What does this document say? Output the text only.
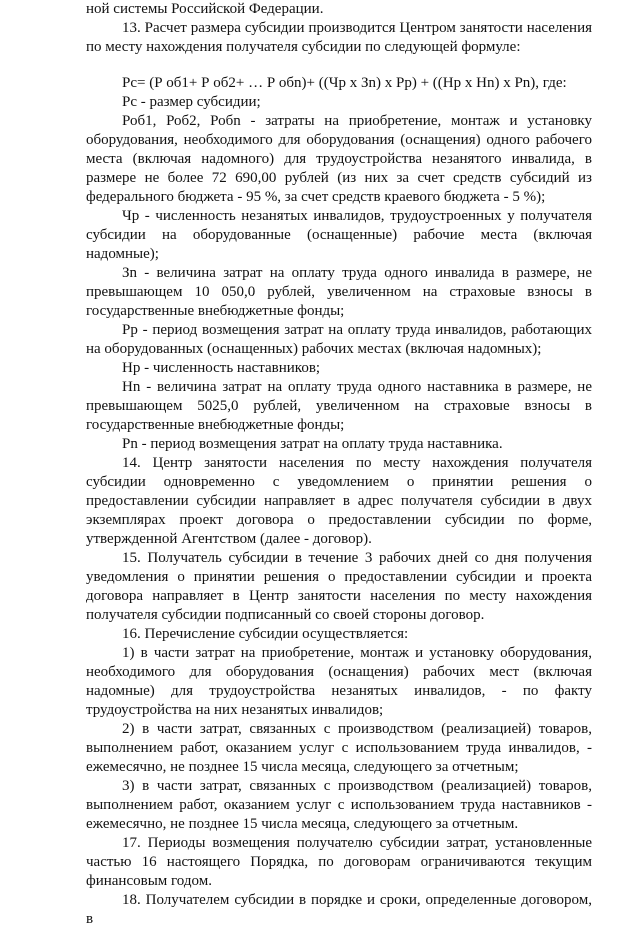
ной системы Российской Федерации.

13. Расчет размера субсидии производится Центром занятости населения по месту нахождения получателя субсидии по следующей формуле:

Рс= (Р об1+ Р об2+ … Р обn)+ ((Чр х Зn) х Рр) + ((Нр х Нn) х Рn), где:

Рс - размер субсидии;

Роб1, Роб2, Робn - затраты на приобретение, монтаж и установку оборудования, необходимого для оборудования (оснащения) одного рабочего места (включая надомного) для трудоустройства незанятого инвалида, в размере не более 72 690,00 рублей (из них за счет средств субсидий из федерального бюджета - 95 %, за счет средств краевого бюджета - 5 %);

Чр - численность незанятых инвалидов, трудоустроенных у получателя субсидии на оборудованные (оснащенные) рабочие места (включая надомные);

Зn - величина затрат на оплату труда одного инвалида в размере, не превышающем 10 050,0 рублей, увеличенном на страховые взносы в государственные внебюджетные фонды;

Рр - период возмещения затрат на оплату труда инвалидов, работающих на оборудованных (оснащенных) рабочих местах (включая надомных);

Нр - численность наставников;

Нn - величина затрат на оплату труда одного наставника в размере, не превышающем 5025,0 рублей, увеличенном на страховые взносы в государственные внебюджетные фонды;

Рn - период возмещения затрат на оплату труда наставника.

14. Центр занятости населения по месту нахождения получателя субсидии одновременно с уведомлением о принятии решения о предоставлении субсидии направляет в адрес получателя субсидии в двух экземплярах проект договора о предоставлении субсидии по форме, утвержденной Агентством (далее - договор).

15. Получатель субсидии в течение 3 рабочих дней со дня получения уведомления о принятии решения о предоставлении субсидии и проекта договора направляет в Центр занятости населения по месту нахождения получателя субсидии подписанный со своей стороны договор.

16. Перечисление субсидии осуществляется:

1) в части затрат на приобретение, монтаж и установку оборудования, необходимого для оборудования (оснащения) рабочих мест (включая надомные) для трудоустройства незанятых инвалидов, - по факту трудоустройства на них незанятых инвалидов;

2) в части затрат, связанных с производством (реализацией) товаров, выполнением работ, оказанием услуг с использованием труда инвалидов, - ежемесячно, не позднее 15 числа месяца, следующего за отчетным;

3) в части затрат, связанных с производством (реализацией) товаров, выполнением работ, оказанием услуг с использованием труда наставников - ежемесячно, не позднее 15 числа месяца, следующего за отчетным.

17. Периоды возмещения получателю субсидии затрат, установленные частью 16 настоящего Порядка, по договорам ограничиваются текущим финансовым годом.

18. Получателем субсидии в порядке и сроки, определенные договором, в
